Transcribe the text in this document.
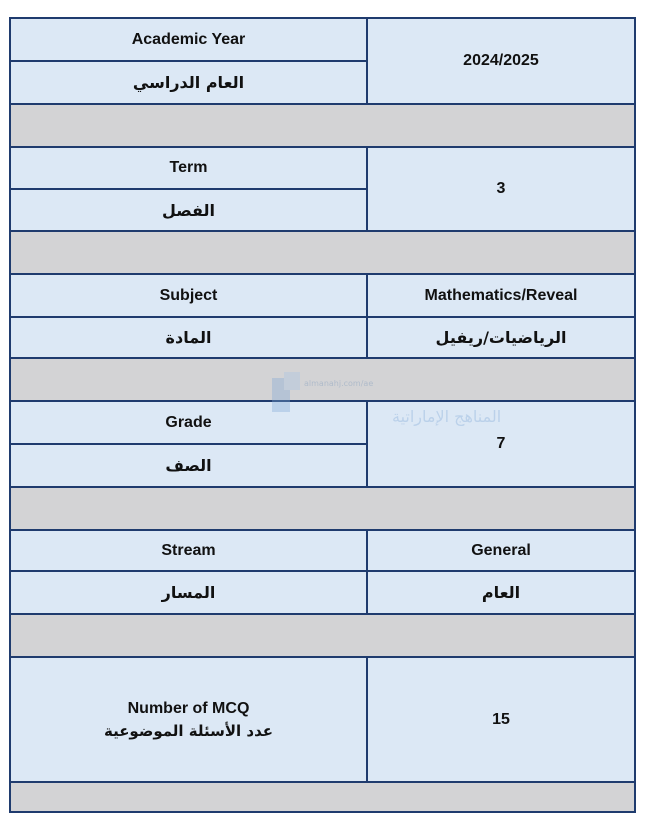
Academic Year	2024/2025
العام الدراسي	

Term	3
الفصل	

Subject	Mathematics/Reveal
المادة	الرياضيات/ريفيل

Grade	7
الصف	

Stream	General
المسار	العام

Number of MCQ
عدد الأسئلة الموضوعية	15

almanahj.com/ae
المناهج الإماراتية
